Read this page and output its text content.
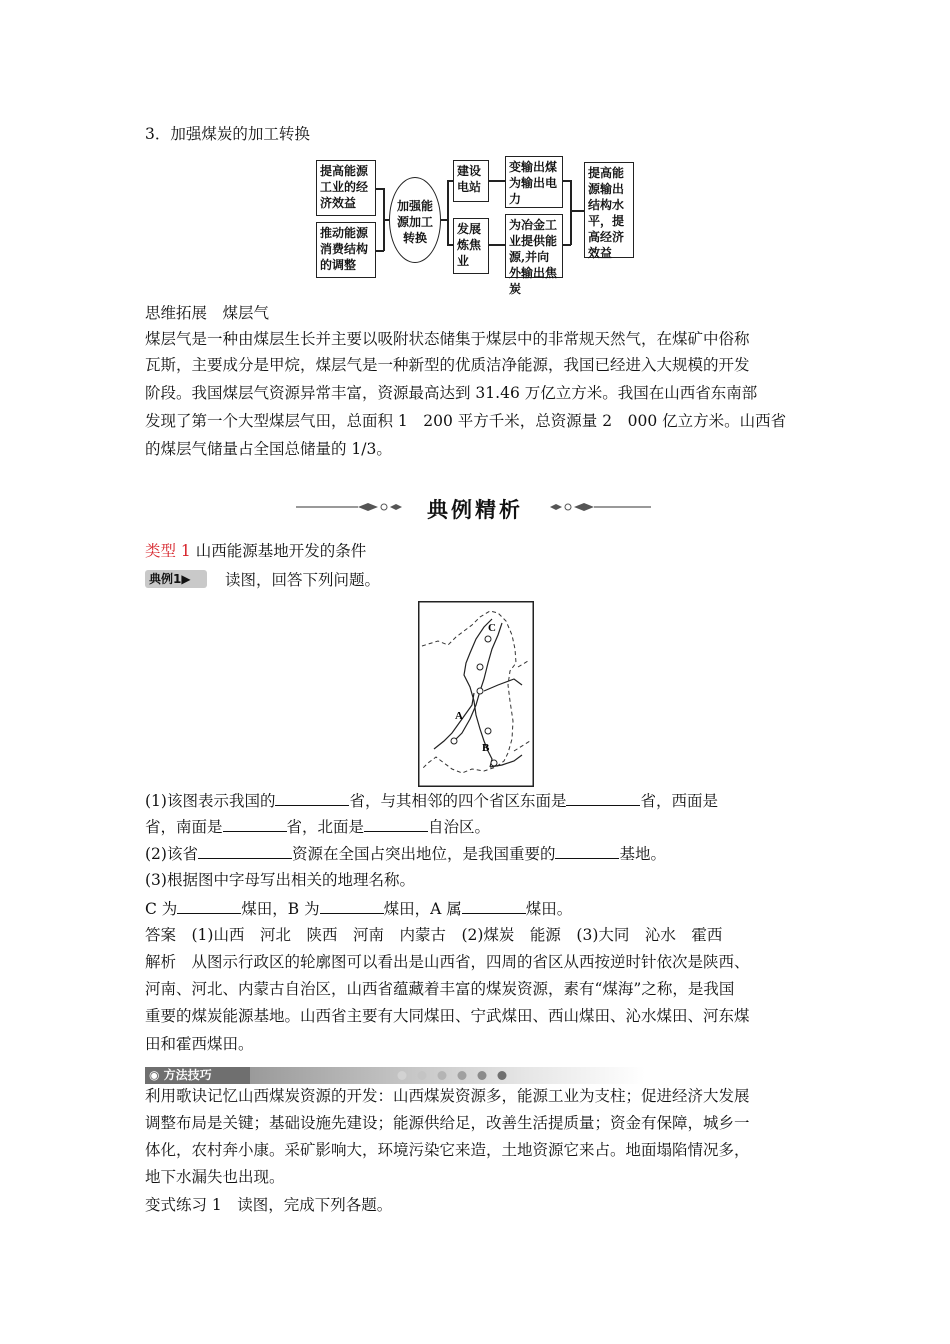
3．加强煤炭的加工转换
提高能源工业的经济效益
推动能源消费结构的调整
加强能源加工转换
建设电站
发展炼焦业
变输出煤为输出电力
为冶金工业提供能源,并向外输出焦炭
提高能源输出结构水平，提高经济效益
思维拓展　煤层气
煤层气是一种由煤层生长并主要以吸附状态储集于煤层中的非常规天然气，在煤矿中俗称
瓦斯，主要成分是甲烷，煤层气是一种新型的优质洁净能源，我国已经进入大规模的开发
阶段。我国煤层气资源异常丰富，资源最高达到 31.46 万亿立方米。我国在山西省东南部
发现了第一个大型煤层气田，总面积 1　200 平方千米，总资源量 2　000 亿立方米。山西省
的煤层气储量占全国总储量的 1/3。
典例精析
类型 1 山西能源基地开发的条件
典例1▶	读图，回答下列问题。
C
A
B
(1)该图表示我国的	省，与其相邻的四个省区东面是	省，西面是
省，南面是	省，北面是	自治区。
(2)该省	资源在全国占突出地位，是我国重要的	基地。
(3)根据图中字母写出相关的地理名称。
C 为	煤田，B 为	煤田，A 属	煤田。
答案　(1)山西　河北　陕西　河南　内蒙古　(2)煤炭　能源　(3)大同　沁水　霍西
解析　从图示行政区的轮廓图可以看出是山西省，四周的省区从西按逆时针依次是陕西、
河南、河北、内蒙古自治区，山西省蕴藏着丰富的煤炭资源，素有“煤海”之称，是我国
重要的煤炭能源基地。山西省主要有大同煤田、宁武煤田、西山煤田、沁水煤田、河东煤
田和霍西煤田。
◉ 方法技巧
利用歌诀记忆山西煤炭资源的开发：山西煤炭资源多，能源工业为支柱；促进经济大发展
调整布局是关键；基础设施先建设；能源供给足，改善生活提质量；资金有保障，城乡一
体化，农村奔小康。采矿影响大，环境污染它来造，土地资源它来占。地面塌陷情况多，
地下水漏失也出现。
变式练习 1　读图，完成下列各题。
